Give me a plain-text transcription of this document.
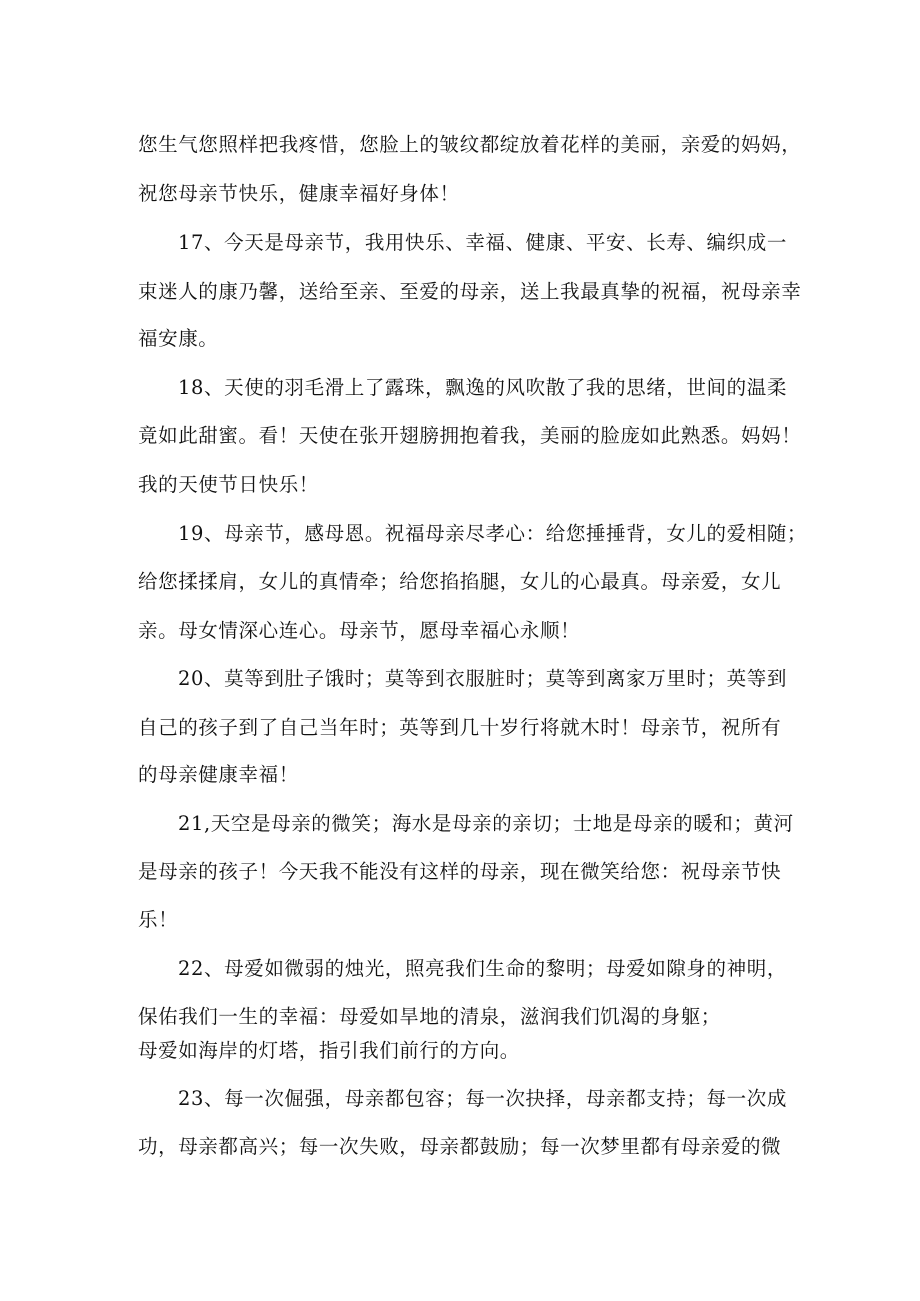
您生气您照样把我疼惜，您脸上的皱纹都绽放着花样的美丽，亲爱的妈妈，
祝您母亲节快乐，健康幸福好身体！
17、今天是母亲节，我用快乐、幸福、健康、平安、长寿、编织成一
束迷人的康乃馨，送给至亲、至爱的母亲，送上我最真挚的祝福，祝母亲幸
福安康。
18、天使的羽毛滑上了露珠，飘逸的风吹散了我的思绪，世间的温柔
竟如此甜蜜。看！天使在张开翅膀拥抱着我，美丽的脸庞如此熟悉。妈妈！
我的天使节日快乐！
19、母亲节，感母恩。祝福母亲尽孝心：给您捶捶背，女儿的爱相随；
给您揉揉肩，女儿的真情牵；给您掐掐腿，女儿的心最真。母亲爱，女儿
亲。母女情深心连心。母亲节，愿母幸福心永顺！
20、莫等到肚子饿时；莫等到衣服脏时；莫等到离家万里时；英等到
自己的孩子到了自己当年时；英等到几十岁行将就木时！母亲节，祝所有
的母亲健康幸福！
21,天空是母亲的微笑；海水是母亲的亲切；士地是母亲的暖和；黄河
是母亲的孩子！今天我不能没有这样的母亲，现在微笑给您：祝母亲节快
乐！
22、母爱如微弱的烛光，照亮我们生命的黎明；母爱如隙身的神明，
保佑我们一生的幸福：母爱如旱地的清泉，滋润我们饥渴的身躯；
母爱如海岸的灯塔，指引我们前行的方向。
23、每一次倔强，母亲都包容；每一次抉择，母亲都支持；每一次成
功，母亲都高兴；每一次失败，母亲都鼓励；每一次梦里都有母亲爱的微
